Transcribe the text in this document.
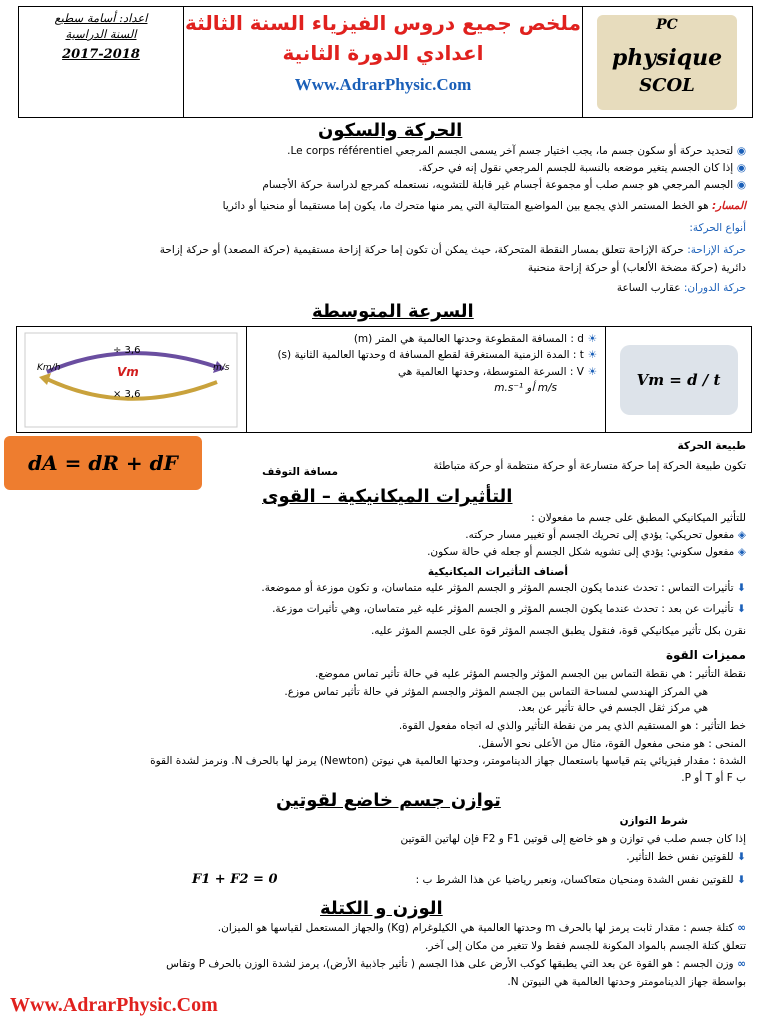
اعداد: أسامة سطيع
السنة الدراسية
2017-2018
ملخص جميع دروس الفيزياء السنة الثالثة
اعدادي الدورة الثانية
Www.AdrarPhysic.Com
PC
physique
SCOL
الحركة والسكون
◉ لتحديد حركة أو سكون جسم ما، يجب اختيار جسم آخر يسمى الجسم المرجعي Le corps référentiel.
◉ إذا كان الجسم يتغير موضعه بالنسبة للجسم المرجعي نقول إنه في حركة.
◉ الجسم المرجعي هو جسم صلب أو مجموعة أجسام غير قابلة للتشويه، نستعمله كمرجع لدراسة حركة الأجسام
المسار: هو الخط المستمر الذي يجمع بين المواضيع المتتالية التي يمر منها متحرك ما، يكون إما مستقيما أو منحنيا أو دائريا
أنواع الحركة:
حركة الإزاحة: حركة الإزاحة تتعلق بمسار النقطة المتحركة، حيث يمكن أن تكون إما حركة إزاحة مستقيمية (حركة المصعد) أو حركة إزاحة
دائرية (حركة مضخة الألعاب) أو حركة إزاحة منحنية
حركة الدوران: عقارب الساعة
السرعة المتوسطة
÷ 3,6
× 3,6
Km/h	m/s
Vm
☀ d : المسافة المقطوعة وحدتها العالمية هي المتر (m)
☀ t : المدة الزمنية المستغرقة لقطع المسافة d وحدتها العالمية الثانية (s)
☀ V : السرعة المتوسطة، وحدتها العالمية هي
m/s أو m.s⁻¹	Vm = d / t
طبيعة الحركة
تكون طبيعة الحركة إما حركة متسارعة أو حركة منتظمة أو حركة متباطئة
مسافة التوقف
dA = dR + dF
التأثيرات الميكانيكية – القوى
للتأثير الميكانيكي المطبق على جسم ما مفعولان :
◈ مفعول تحريكي: يؤدي إلى تحريك الجسم أو تغيير مسار حركته.
◈ مفعول سكوني: يؤدي إلى تشويه شكل الجسم أو جعله في حالة سكون.
أصناف التأثيرات الميكانيكية
⬇ تأثيرات التماس : تحدث عندما يكون الجسم المؤثر و الجسم المؤثر عليه متماسان، و تكون موزعة أو مموضعة.
⬇ تأثيرات عن بعد : تحدث عندما يكون الجسم المؤثر و الجسم المؤثر عليه غير متماسان، وهي تأثيرات موزعة.
نقرن بكل تأثير ميكانيكي قوة، فنقول يطبق الجسم المؤثر قوة على الجسم المؤثر عليه.
مميزات القوة
نقطة التأثير : هي نقطة التماس بين الجسم المؤثر والجسم المؤثر عليه في حالة تأثير تماس مموضع.
هي المركز الهندسي لمساحة التماس بين الجسم المؤثر والجسم المؤثر في حالة تأثير تماس موزع.
هي مركز ثقل الجسم في حالة تأثير عن بعد.
خط التأثير : هو المستقيم الذي يمر من نقطة التأثير والذي له اتجاه مفعول القوة.
المنحى : هو منحى مفعول القوة، مثال من الأعلى نحو الأسفل.
الشدة : مقدار فيزيائي يتم قياسها باستعمال جهاز الدينامومتر، وحدتها العالمية هي نيوتن (Newton) يرمز لها بالحرف N. ونرمز لشدة القوة
ب F أو T أو P.
توازن جسم خاضع لقوتين
شرط التوازن
إذا كان جسم صلب في توازن و هو خاضع إلى قوتين F1 و F2 فإن لهاتين القوتين
⬇ للقوتين نفس خط التأثير.
⬇ للقوتين نفس الشدة ومنحيان متعاكسان، ونعبر رياضيا عن هذا الشرط ب :
F1 + F2 = 0
الوزن و الكتلة
∞ كتلة جسم : مقدار ثابت يرمز لها بالحرف m وحدتها العالمية هي الكيلوغرام (Kg) والجهاز المستعمل لقياسها هو الميزان.
تتعلق كتلة الجسم بالمواد المكونة للجسم فقط ولا تتغير من مكان إلى آخر.
∞ وزن الجسم : هو القوة عن بعد التي يطبقها كوكب الأرض على هذا الجسم ( تأثير جاذبية الأرض)، يرمز لشدة الوزن بالحرف P وتقاس
بواسطة جهاز الدينامومتر وحدتها العالمية هي النيوتن N.
Www.AdrarPhysic.Com
